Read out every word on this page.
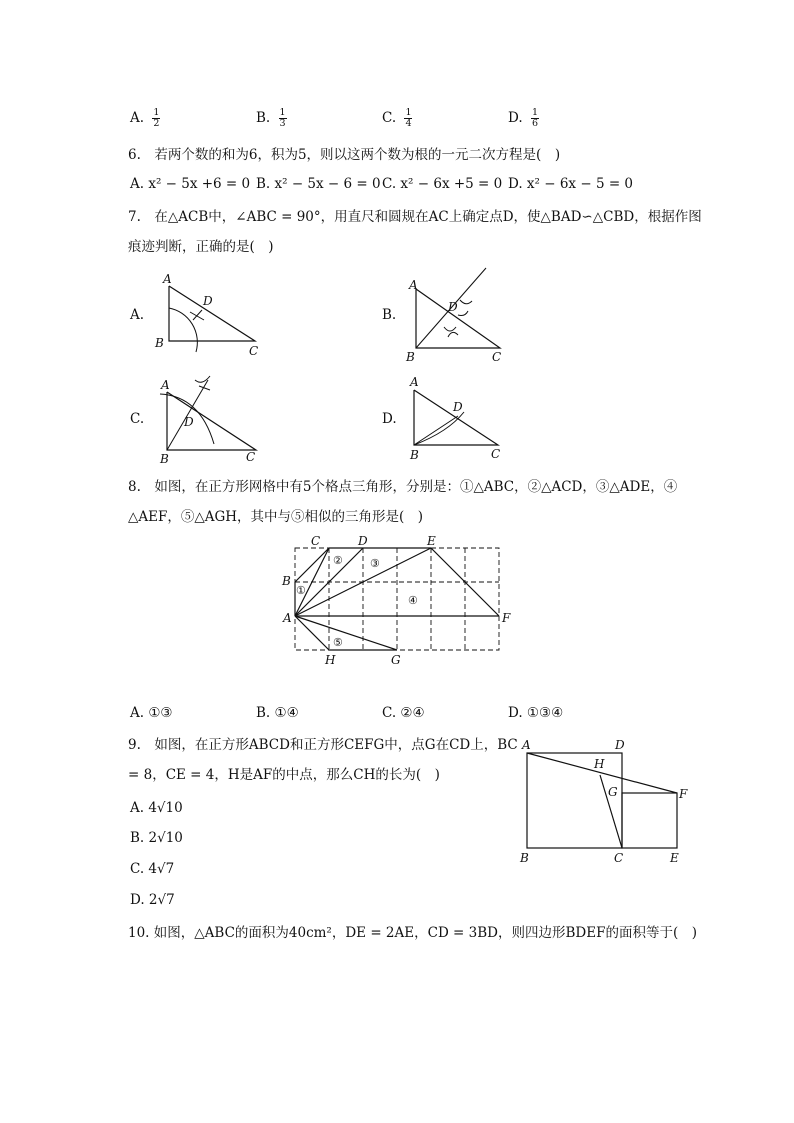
A. $\frac{1}{2}$	B. $\frac{1}{3}$	C. $\frac{1}{4}$	D. $\frac{1}{6}$
6.　若两个数的和为6，积为5，则以这两个数为根的一元二次方程是(　)
A. x² − 5x +6 = 0 B. x² − 5x − 6 = 0 C. x² − 6x +5 = 0 D. x² − 6x − 5 = 0
7.　在△ACB中，∠ABC = 90°，用直尺和圆规在AC上确定点D，使△BAD∽△CBD，根据作图
痕迹判断，正确的是(　)
A.	B.
C.	D.
A
B
C
D
A
B	C
D
A
B	C
D
A
B	C
D
8.　如图，在正方形网格中有5个格点三角形，分别是：①△ABC，②△ACD，③△ADE，④
△AEF，⑤△AGH，其中与⑤相似的三角形是(　)
C	D	E
B
A	F
H	G
①
② ③
④
⑤
A. ①③	B. ①④	C. ②④	D. ①③④
9.　如图，在正方形ABCD和正方形CEFG中，点G在CD上，BC
= 8，CE = 4，H是AF的中点，那么CH的长为(　)
A. 4√10
B. 2√10
C. 4√7
D. 2√7
A	D
H
G	F
B	C	E
10. 如图，△ABC的面积为40cm²，DE = 2AE，CD = 3BD，则四边形BDEF的面积等于(　)
